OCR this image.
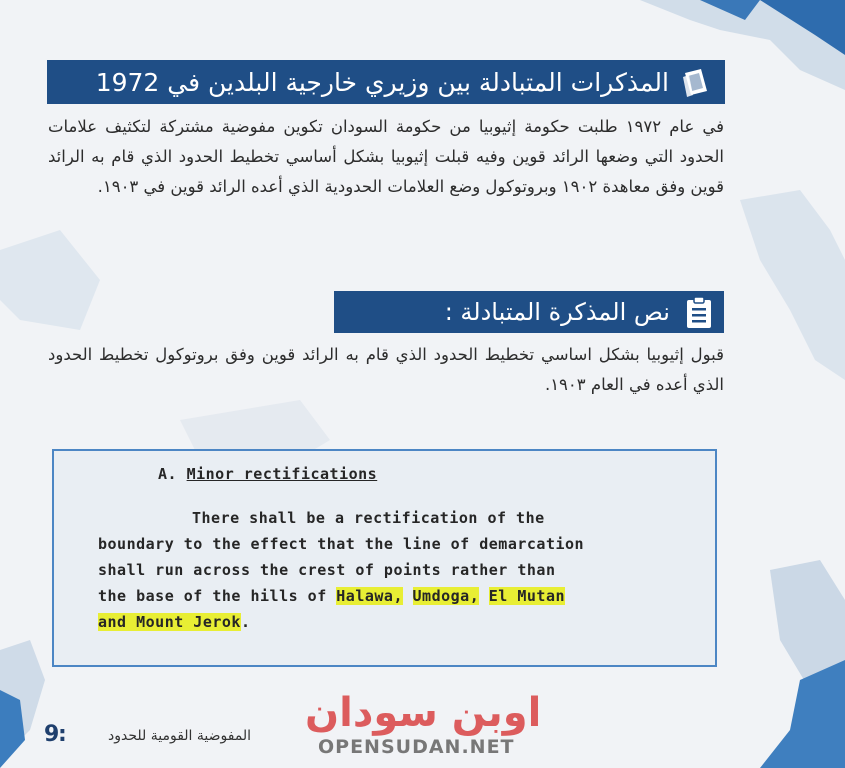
المذكرات المتبادلة بين وزيري خارجية البلدين في 1972
في عام ١٩٧٢ طلبت حكومة إثيوبيا من حكومة السودان تكوين مفوضية مشتركة لتكثيف علامات الحدود التي وضعها الرائد قوين وفيه قبلت إثيوبيا بشكل أساسي تخطيط الحدود الذي قام به الرائد قوين وفق معاهدة ١٩٠٢ وبروتوكول وضع العلامات الحدودية الذي أعده الرائد قوين في ١٩٠٣.
نص المذكرة المتبادلة :
قبول إثيوبيا بشكل اساسي تخطيط الحدود الذي قام به الرائد قوين وفق بروتوكول تخطيط الحدود الذي أعده في العام ١٩٠٣.
A. Minor rectifications
There shall be a rectification of the
boundary to the effect that the line of demarcation
shall run across the crest of points rather than
the base of the hills of Halawa, Umdoga, El Mutan
and Mount Jerok.
9
:	المفوضية القومية للحدود اوبن سودان
OPENSUDAN.NET
